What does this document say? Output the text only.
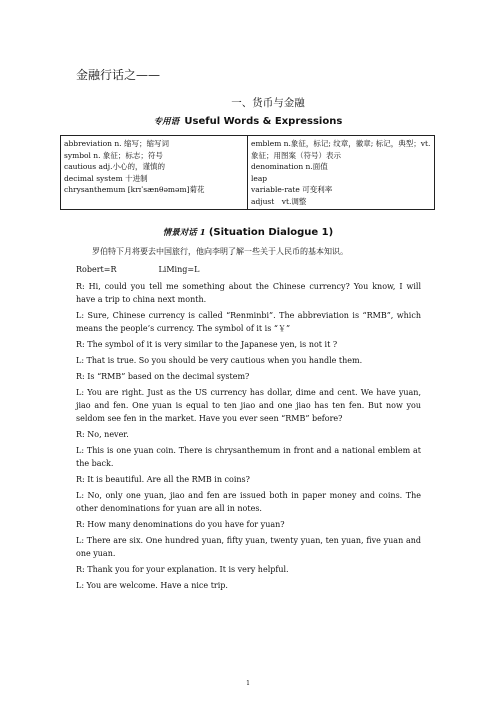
金融行话之——
一、货币与金融
专用语 Useful Words & Expressions
abbreviation n. 缩写；缩写词
symbol n. 象征；标志；符号
cautious adj.小心的，谨慎的
decimal system 十进制
chrysanthemum [krɪˈsænθəməm]菊花

emblem n.象征，标记; 纹章，徽章; 标记，典型；vt.象征；用图案（符号）表示
denomination n.面值
leap
variable-rate 可变利率
adjust　vt.调整
情景对话 1 (Situation Dialogue 1)
罗伯特下月将要去中国旅行，他向李明了解一些关于人民币的基本知识。
Robert=R	LiMing=L

R: Hi, could you tell me something about the Chinese currency? You know, I will have a trip to china next month.

L: Sure, Chinese currency is called “Renminbi”. The abbreviation is “RMB”, which means the people’s currency. The symbol of it is “￥”

R: The symbol of it is very similar to the Japanese yen, is not it ?

L: That is true. So you should be very cautious when you handle them.

R: Is “RMB” based on the decimal system?

L: You are right. Just as the US currency has dollar, dime and cent. We have yuan, jiao and fen. One yuan is equal to ten jiao and one jiao has ten fen. But now you seldom see fen in the market. Have you ever seen “RMB” before?

R: No, never.

L: This is one yuan coin. There is chrysanthemum in front and a national emblem at the back.

R: It is beautiful. Are all the RMB in coins?

L: No, only one yuan, jiao and fen are issued both in paper money and coins. The other denominations for yuan are all in notes.

R: How many denominations do you have for yuan?

L: There are six. One hundred yuan, fifty yuan, twenty yuan, ten yuan, five yuan and one yuan.

R: Thank you for your explanation. It is very helpful.

L: You are welcome. Have a nice trip.

1
